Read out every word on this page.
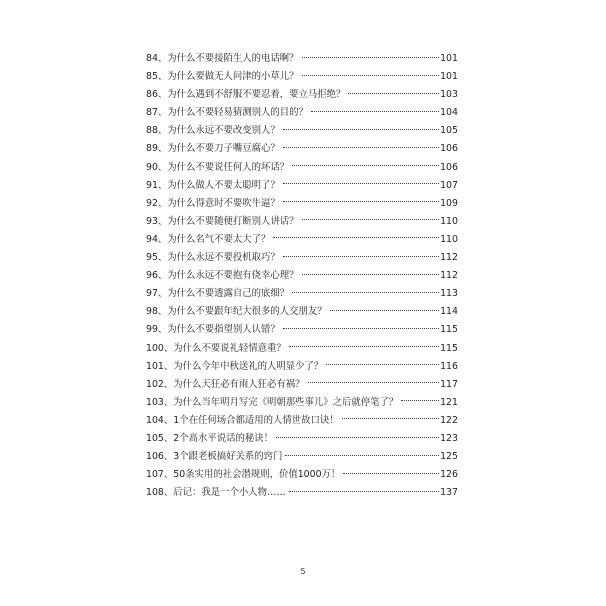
84、为什么不要接陌生人的电话啊？	101
85、为什么要做无人问津的小草儿？	101
86、为什么遇到不舒服不要忍着，要立马拒绝？	103
87、为什么不要轻易猜测别人的目的？	104
88、为什么永远不要改变别人？	105
89、为什么不要刀子嘴豆腐心？	106
90、为什么不要说任何人的坏话？	106
91、为什么做人不要太聪明了？	107
92、为什么得意时不要吹牛逼？	109
93、为什么不要随便打断别人讲话？	110
94、为什么名气不要太大了？	110
95、为什么永远不要投机取巧？	112
96、为什么永远不要抱有侥幸心理？	112
97、为什么不要透露自己的底细？	113
98、为什么不要跟年纪大很多的人交朋友？	114
99、为什么不要指望别人认错？	115
100、为什么不要说礼轻情意重？	115
101、为什么今年中秋送礼的人明显少了？	116
102、为什么天狂必有雨人狂必有祸？	117
103、为什么当年明月写完《明朝那些事儿》之后就停笔了？	121
104、1个在任何场合都适用的人情世故口诀！	122
105、2个高水平说话的秘诀！	123
106、3个跟老板搞好关系的窍门	125
107、50条实用的社会潜规则，价值1000万！	126
108、后记：我是一个小人物……	137
5
